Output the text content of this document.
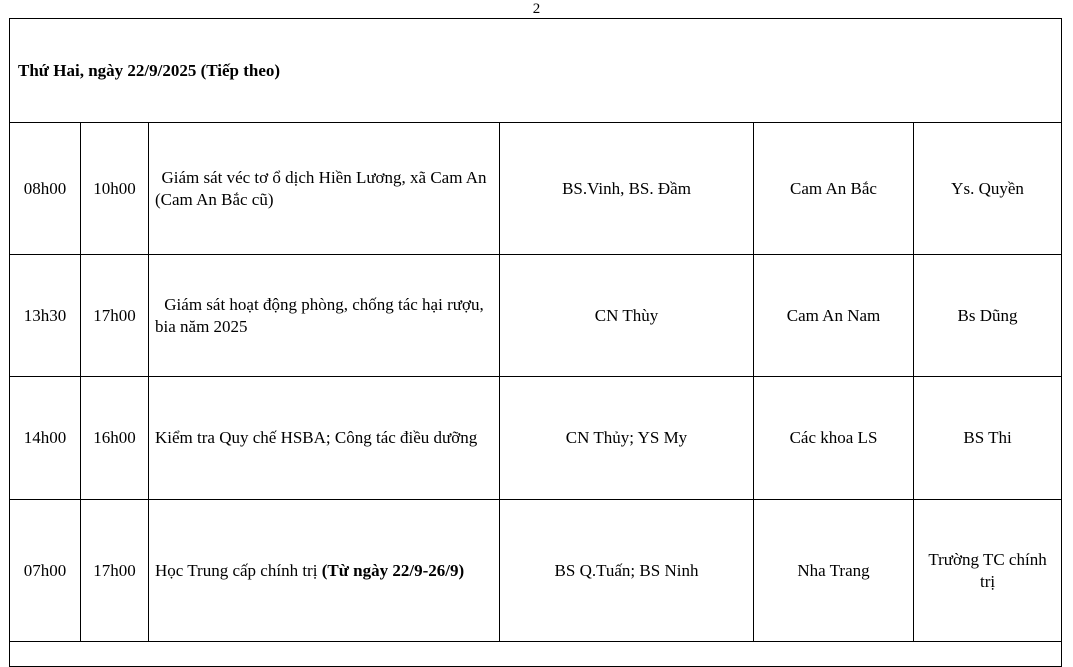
2
Thứ Hai, ngày 22/9/2025 (Tiếp theo)					
08h00	10h00	Giám sát véc tơ ổ dịch Hiền Lương, xã Cam An (Cam An Bắc cũ)	BS.Vinh, BS. Đầm	Cam An Bắc	Ys. Quyền
13h30	17h00	Giám sát hoạt động phòng, chống tác hại rượu, bia năm 2025	CN Thùy	Cam An Nam	Bs Dũng
14h00	16h00	Kiểm tra Quy chế HSBA; Công tác điều dưỡng	CN Thủy; YS My	Các khoa LS	BS Thi
07h00	17h00	Học Trung cấp chính trị (Từ ngày 22/9-26/9)	BS Q.Tuấn; BS Ninh	Nha Trang	Trường TC chính trị
